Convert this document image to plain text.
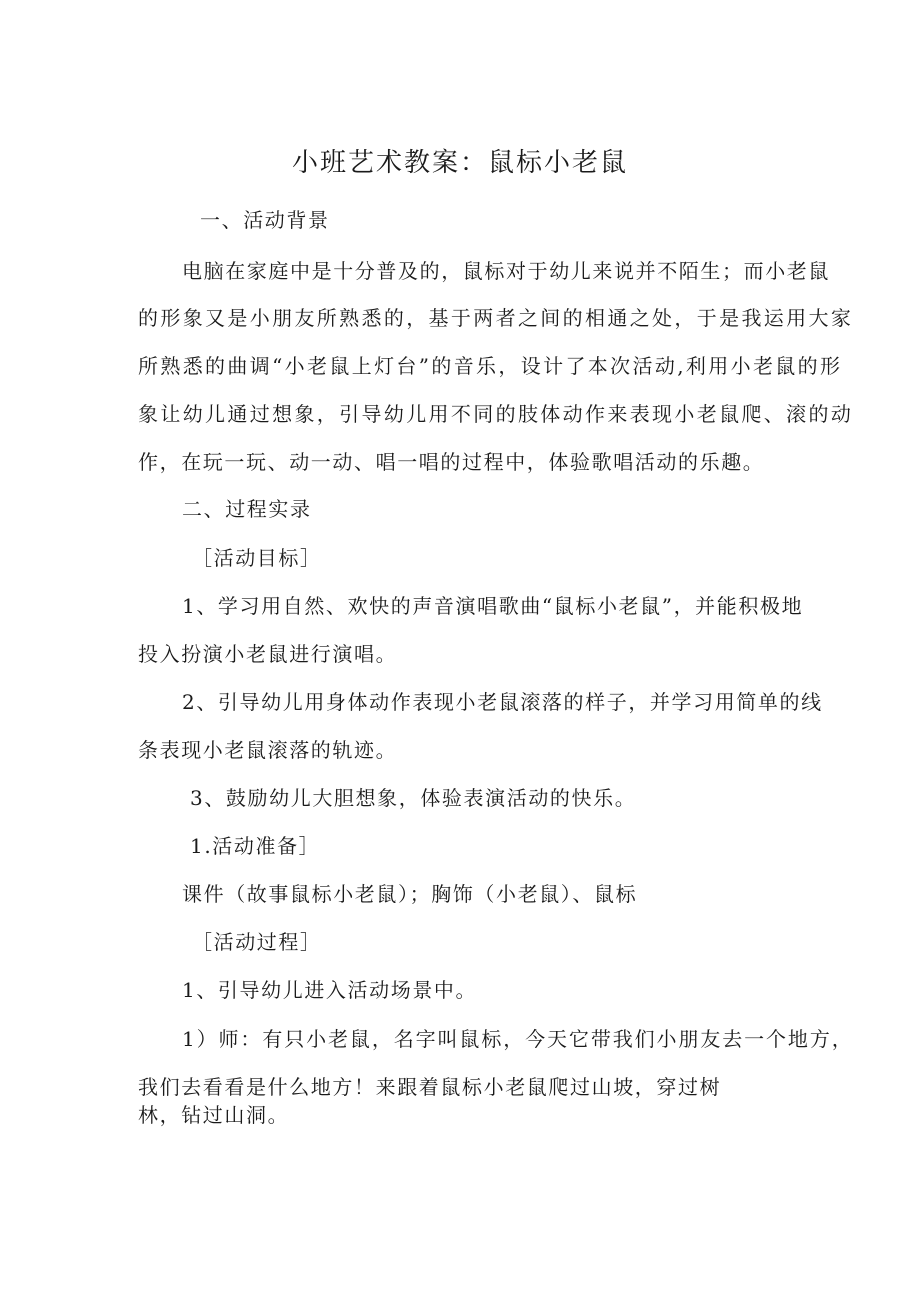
小班艺术教案：鼠标小老鼠
一、活动背景
电脑在家庭中是十分普及的，鼠标对于幼儿来说并不陌生；而小老鼠
的形象又是小朋友所熟悉的，基于两者之间的相通之处，于是我运用大家
所熟悉的曲调“小老鼠上灯台”的音乐，设计了本次活动,利用小老鼠的形
象让幼儿通过想象，引导幼儿用不同的肢体动作来表现小老鼠爬、滚的动
作，在玩一玩、动一动、唱一唱的过程中，体验歌唱活动的乐趣。
二、过程实录
［活动目标］
1、学习用自然、欢快的声音演唱歌曲“鼠标小老鼠”，并能积极地
投入扮演小老鼠进行演唱。
2、引导幼儿用身体动作表现小老鼠滚落的样子，并学习用简单的线
条表现小老鼠滚落的轨迹。
3、鼓励幼儿大胆想象，体验表演活动的快乐。
1.活动准备］
课件（故事鼠标小老鼠）；胸饰（小老鼠）、鼠标
［活动过程］
1、引导幼儿进入活动场景中。
1）师：有只小老鼠，名字叫鼠标，今天它带我们小朋友去一个地方，
我们去看看是什么地方！来跟着鼠标小老鼠爬过山坡，穿过树
林，钻过山洞。
